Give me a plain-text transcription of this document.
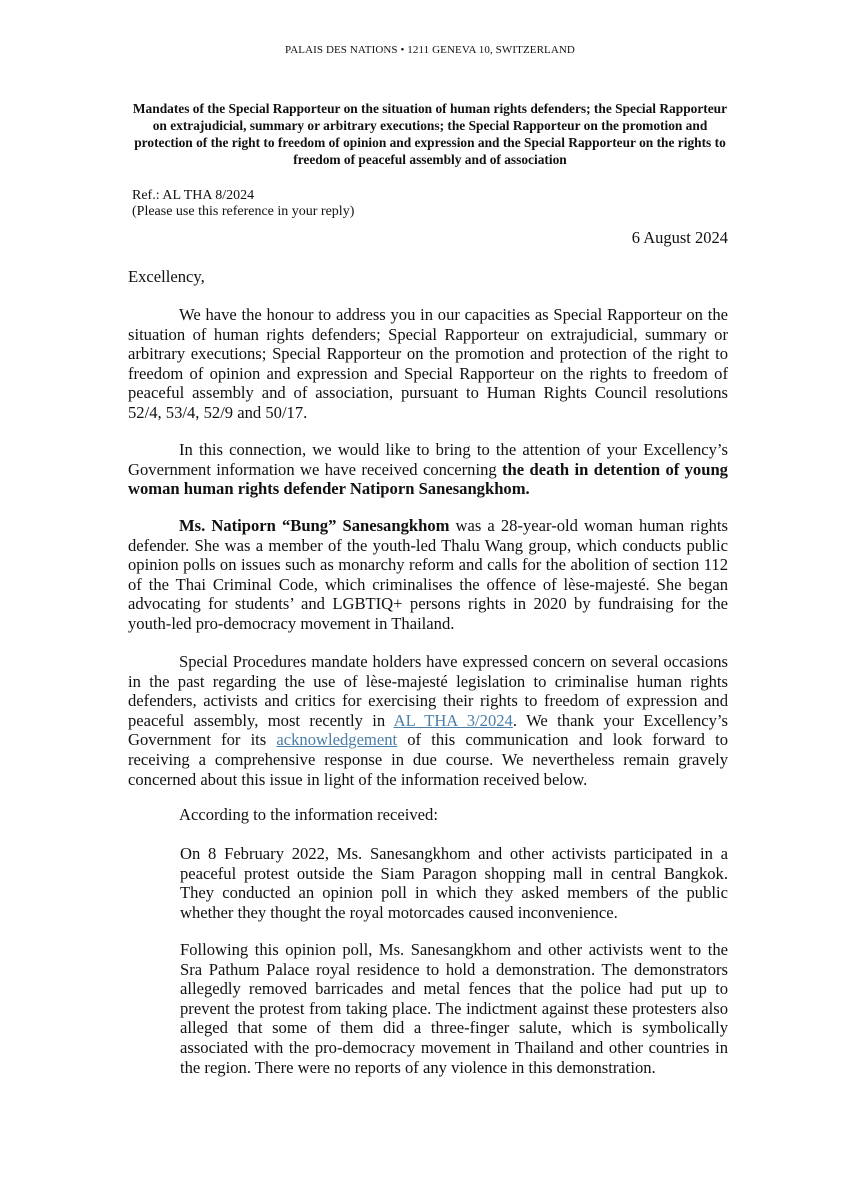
PALAIS DES NATIONS • 1211 GENEVA 10, SWITZERLAND
Mandates of the Special Rapporteur on the situation of human rights defenders; the Special Rapporteur on extrajudicial, summary or arbitrary executions; the Special Rapporteur on the promotion and protection of the right to freedom of opinion and expression and the Special Rapporteur on the rights to freedom of peaceful assembly and of association
Ref.: AL THA 8/2024
(Please use this reference in your reply)
6 August 2024
Excellency,
We have the honour to address you in our capacities as Special Rapporteur on the situation of human rights defenders; Special Rapporteur on extrajudicial, summary or arbitrary executions; Special Rapporteur on the promotion and protection of the right to freedom of opinion and expression and Special Rapporteur on the rights to freedom of peaceful assembly and of association, pursuant to Human Rights Council resolutions 52/4, 53/4, 52/9 and 50/17.
In this connection, we would like to bring to the attention of your Excellency’s Government information we have received concerning the death in detention of young woman human rights defender Natiporn Sanesangkhom.
Ms. Natiporn “Bung” Sanesangkhom was a 28-year-old woman human rights defender. She was a member of the youth-led Thalu Wang group, which conducts public opinion polls on issues such as monarchy reform and calls for the abolition of section 112 of the Thai Criminal Code, which criminalises the offence of lèse-majesté. She began advocating for students’ and LGBTIQ+ persons rights in 2020 by fundraising for the youth-led pro-democracy movement in Thailand.
Special Procedures mandate holders have expressed concern on several occasions in the past regarding the use of lèse-majesté legislation to criminalise human rights defenders, activists and critics for exercising their rights to freedom of expression and peaceful assembly, most recently in AL THA 3/2024. We thank your Excellency’s Government for its acknowledgement of this communication and look forward to receiving a comprehensive response in due course. We nevertheless remain gravely concerned about this issue in light of the information received below.
According to the information received:
On 8 February 2022, Ms. Sanesangkhom and other activists participated in a peaceful protest outside the Siam Paragon shopping mall in central Bangkok. They conducted an opinion poll in which they asked members of the public whether they thought the royal motorcades caused inconvenience.
Following this opinion poll, Ms. Sanesangkhom and other activists went to the Sra Pathum Palace royal residence to hold a demonstration. The demonstrators allegedly removed barricades and metal fences that the police had put up to prevent the protest from taking place. The indictment against these protesters also alleged that some of them did a three-finger salute, which is symbolically associated with the pro-democracy movement in Thailand and other countries in the region. There were no reports of any violence in this demonstration.
